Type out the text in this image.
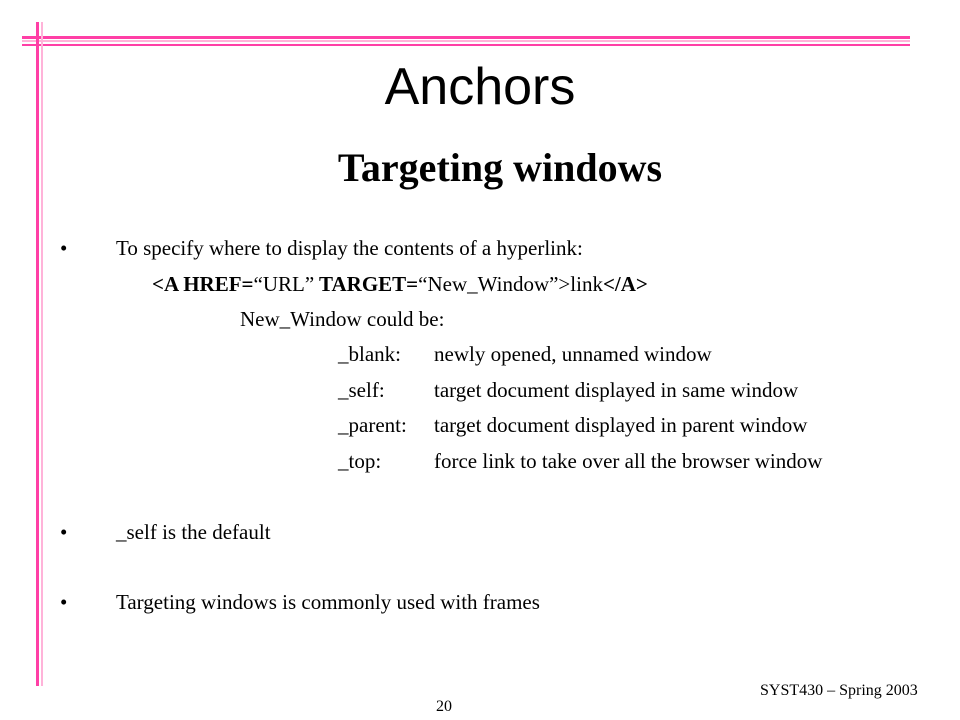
Anchors
Targeting windows
• To specify where to display the contents of a hyperlink:
<A HREF=“URL” TARGET=“New_Window”>link</A>
New_Window could be:
_blank: newly opened, unnamed window
_self: target document displayed in same window
_parent: target document displayed in parent window
_top:	force link to take over all the browser window
• _self is the default
• Targeting windows is commonly used with frames
SYST430 – Spring 2003
20
